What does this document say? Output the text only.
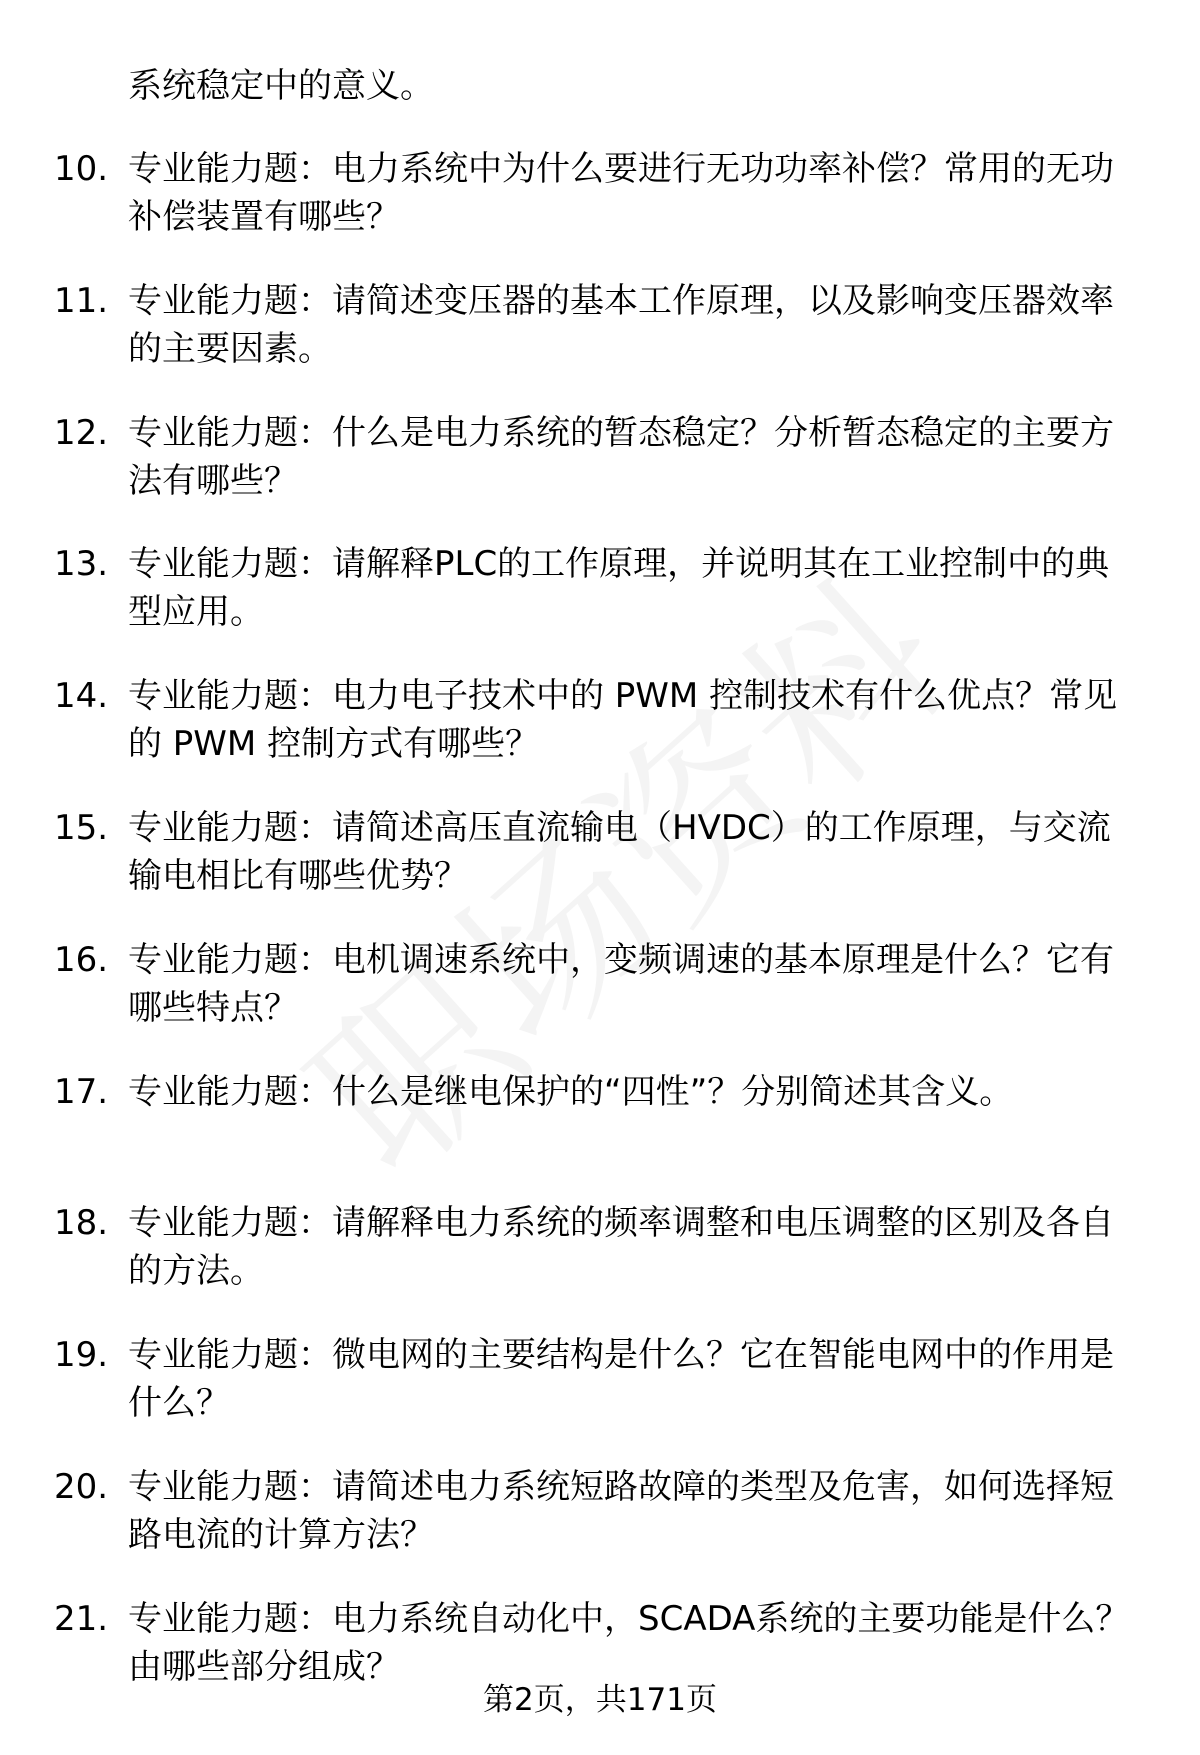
系统稳定中的意义。
10. 专业能力题：电力系统中为什么要进行无功功率补偿？常用的无功补偿装置有哪些？
11. 专业能力题：请简述变压器的基本工作原理，以及影响变压器效率的主要因素。
12. 专业能力题：什么是电力系统的暂态稳定？分析暂态稳定的主要方法有哪些？
13. 专业能力题：请解释PLC的工作原理，并说明其在工业控制中的典型应用。
14. 专业能力题：电力电子技术中的 PWM 控制技术有什么优点？常见的 PWM 控制方式有哪些？
15. 专业能力题：请简述高压直流输电（HVDC）的工作原理，与交流输电相比有哪些优势？
16. 专业能力题：电机调速系统中，变频调速的基本原理是什么？它有哪些特点？
17. 专业能力题：什么是继电保护的“四性”？分别简述其含义。
18. 专业能力题：请解释电力系统的频率调整和电压调整的区别及各自的方法。
19. 专业能力题：微电网的主要结构是什么？它在智能电网中的作用是什么？
20. 专业能力题：请简述电力系统短路故障的类型及危害，如何选择短路电流的计算方法？
21. 专业能力题：电力系统自动化中，SCADA系统的主要功能是什么？由哪些部分组成？
第2页，共171页
